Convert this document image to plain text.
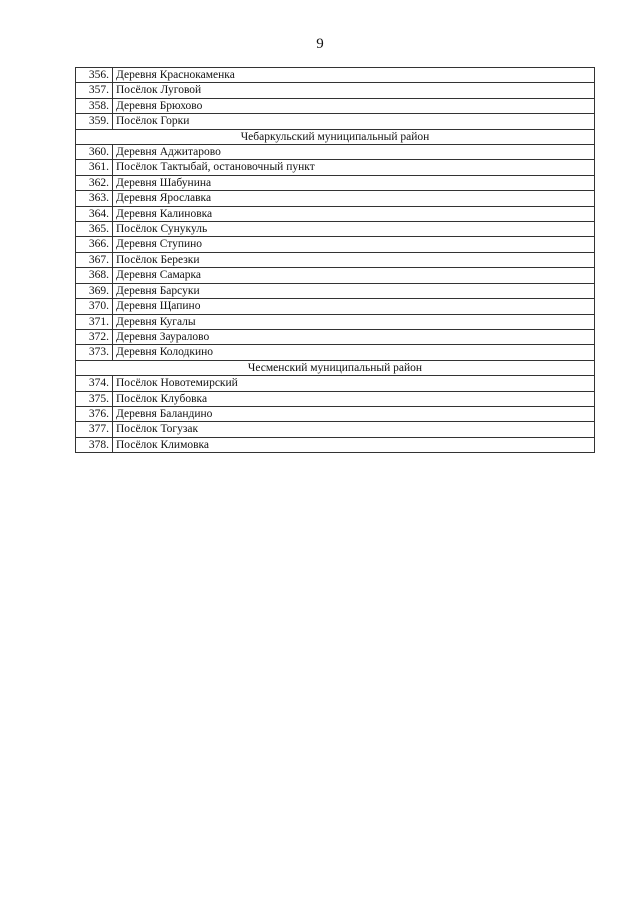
9
356.	Деревня Краснокаменка
357.	Посёлок Луговой
358.	Деревня Брюхово
359.	Посёлок Горки
Чебаркульский муниципальный район	
360.	Деревня Аджитарово
361.	Посёлок Тактыбай, остановочный пункт
362.	Деревня Шабунина
363.	Деревня Ярославка
364.	Деревня Калиновка
365.	Посёлок Сунукуль
366.	Деревня Ступино
367.	Посёлок Березки
368.	Деревня Самарка
369.	Деревня Барсуки
370.	Деревня Щапино
371.	Деревня Кугалы
372.	Деревня Зауралово
373.	Деревня Колодкино
Чесменский муниципальный район	
374.	Посёлок Новотемирский
375.	Посёлок Клубовка
376.	Деревня Баландино
377.	Посёлок Тогузак
378.	Посёлок Климовка
